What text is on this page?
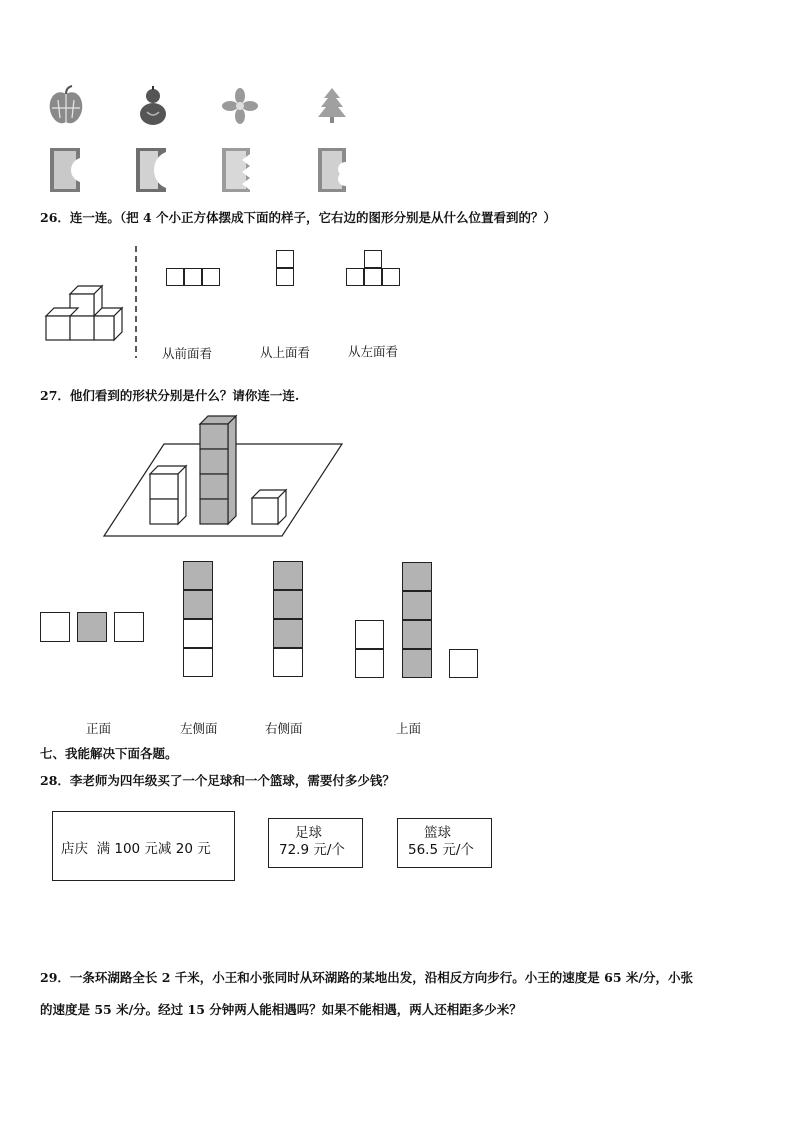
26．连一连。（把 4 个小正方体摆成下面的样子，它右边的图形分别是从什么位置看到的？）
从前面看	从上面看	从左面看
27．他们看到的形状分别是什么？请你连一连.
正面	左侧面	右侧面	上面
七、我能解决下面各题。
28．李老师为四年级买了一个足球和一个篮球，需要付多少钱？
店庆  满 100 元减 20 元
足球
72.9 元/个
篮球
56.5 元/个
29．一条环湖路全长 2 千米，小王和小张同时从环湖路的某地出发，沿相反方向步行。小王的速度是 65 米/分，小张
的速度是 55 米/分。经过 15 分钟两人能相遇吗？如果不能相遇，两人还相距多少米？
